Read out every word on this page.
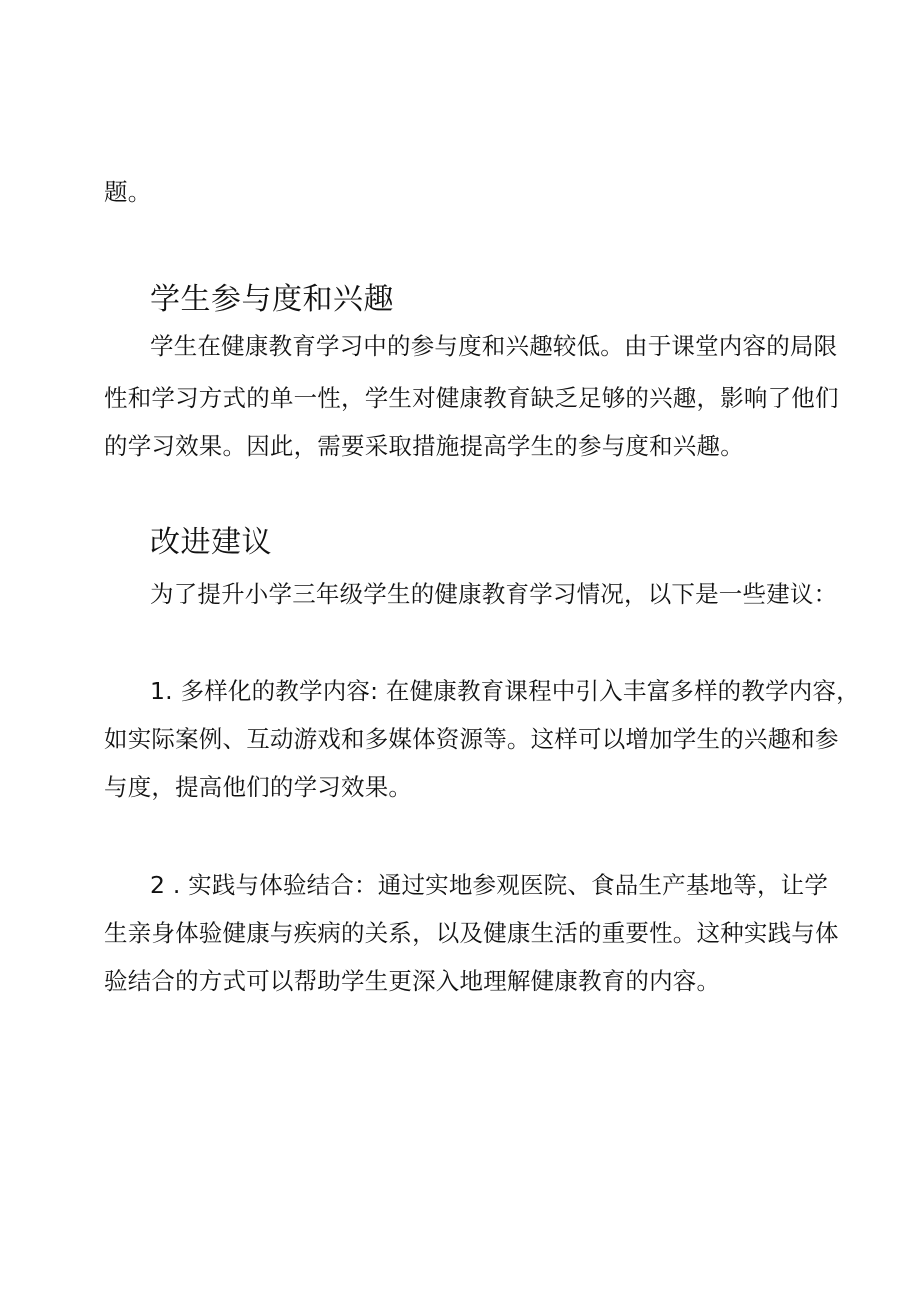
题。

学生参与度和兴趣

学生在健康教育学习中的参与度和兴趣较低。由于课堂内容的局限

性和学习方式的单一性，学生对健康教育缺乏足够的兴趣，影响了他们

的学习效果。因此，需要采取措施提高学生的参与度和兴趣。

改进建议

为了提升小学三年级学生的健康教育学习情况，以下是一些建议：

1. 多样化的教学内容: 在健康教育课程中引入丰富多样的教学内容，

如实际案例、互动游戏和多媒体资源等。这样可以增加学生的兴趣和参

与度，提高他们的学习效果。

2 . 实践与体验结合：通过实地参观医院、食品生产基地等，让学

生亲身体验健康与疾病的关系，以及健康生活的重要性。这种实践与体

验结合的方式可以帮助学生更深入地理解健康教育的内容。
